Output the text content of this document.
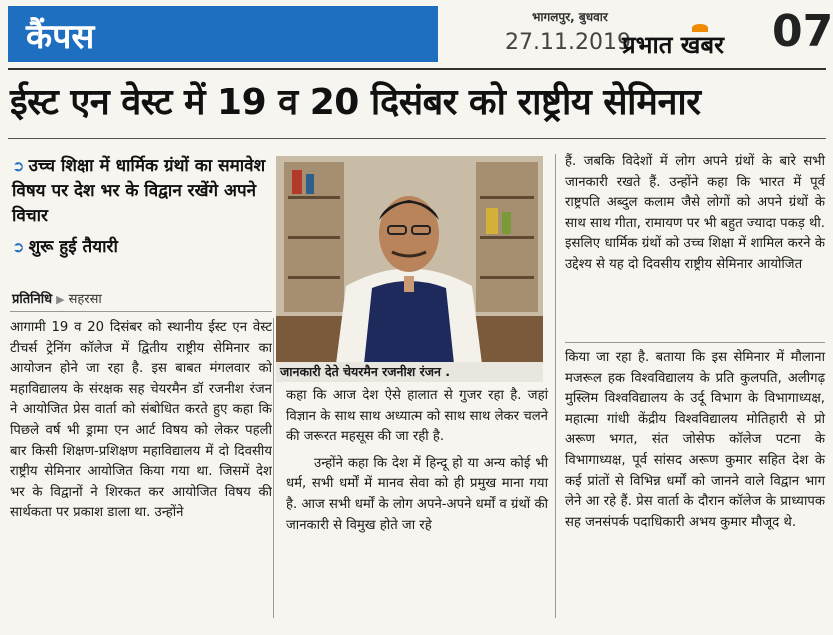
कैंपस	भागलपुर, बुधवार
27.11.2019
प्रभात खबर 07
ईस्ट एन वेस्ट में 19 व 20 दिसंबर को राष्ट्रीय सेमिनार
➲ उच्च शिक्षा में धार्मिक ग्रंथों का समावेश विषय पर देश भर के विद्वान रखेंगे अपने विचार
➲ शुरू हुई तैयारी
प्रतिनिधि ▶ सहरसा

आगामी 19 व 20 दिसंबर को स्थानीय ईस्ट एन वेस्ट टीचर्स ट्रेनिंग कॉलेज में द्वितीय राष्ट्रीय सेमिनार का आयोजन होने जा रहा है. इस बाबत मंगलवार को महाविद्यालय के संरक्षक सह चेयरमैन डॉ रजनीश रंजन ने आयोजित प्रेस वार्ता को संबोधित करते हुए कहा कि पिछले वर्ष भी ड्रामा एन आर्ट विषय को लेकर पहली बार किसी शिक्षण-प्रशिक्षण महाविद्यालय में दो दिवसीय राष्ट्रीय सेमिनार आयोजित किया गया था. जिसमें देश भर के विद्वानों ने शिरकत कर आयोजित विषय की सार्थकता पर प्रकाश डाला था. उन्होंने

जानकारी देते चेयरमैन रजनीश रंजन .

कहा कि आज देश ऐसे हालात से गुजर रहा है. जहां विज्ञान के साथ साथ अध्यात्म को साथ साथ लेकर चलने की जरूरत महसूस की जा रही है.

उन्होंने कहा कि देश में हिन्दू हो या अन्य कोई भी धर्म, सभी धर्मों में मानव सेवा को ही प्रमुख माना गया है. आज सभी धर्मों के लोग अपने-अपने धर्मों व ग्रंथों की जानकारी से विमुख होते जा रहे

हैं. जबकि विदेशों में लोग अपने ग्रंथों के बारे सभी जानकारी रखते हैं. उन्होंने कहा कि भारत में पूर्व राष्ट्रपति अब्दुल कलाम जैसे लोगों को अपने ग्रंथों के साथ साथ गीता, रामायण पर भी बहुत ज्यादा पकड़ थी. इसलिए धार्मिक ग्रंथों को उच्च शिक्षा में शामिल करने के उद्देश्य से यह दो दिवसीय राष्ट्रीय सेमिनार आयोजित

किया जा रहा है. बताया कि इस सेमिनार में मौलाना मजरूल हक विश्वविद्यालय के प्रति कुलपति, अलीगढ़ मुस्लिम विश्वविद्यालय के उर्दू विभाग के विभागाध्यक्ष, महात्मा गांधी केंद्रीय विश्वविद्यालय मोतिहारी से प्रो अरूण भगत, संत जोसेफ कॉलेज पटना के विभागाध्यक्ष, पूर्व सांसद अरूण कुमार सहित देश के कई प्रांतों से विभिन्न धर्मों को जानने वाले विद्वान भाग लेने आ रहे हैं. प्रेस वार्ता के दौरान कॉलेज के प्राध्यापक सह जनसंपर्क पदाधिकारी अभय कुमार मौजूद थे.
